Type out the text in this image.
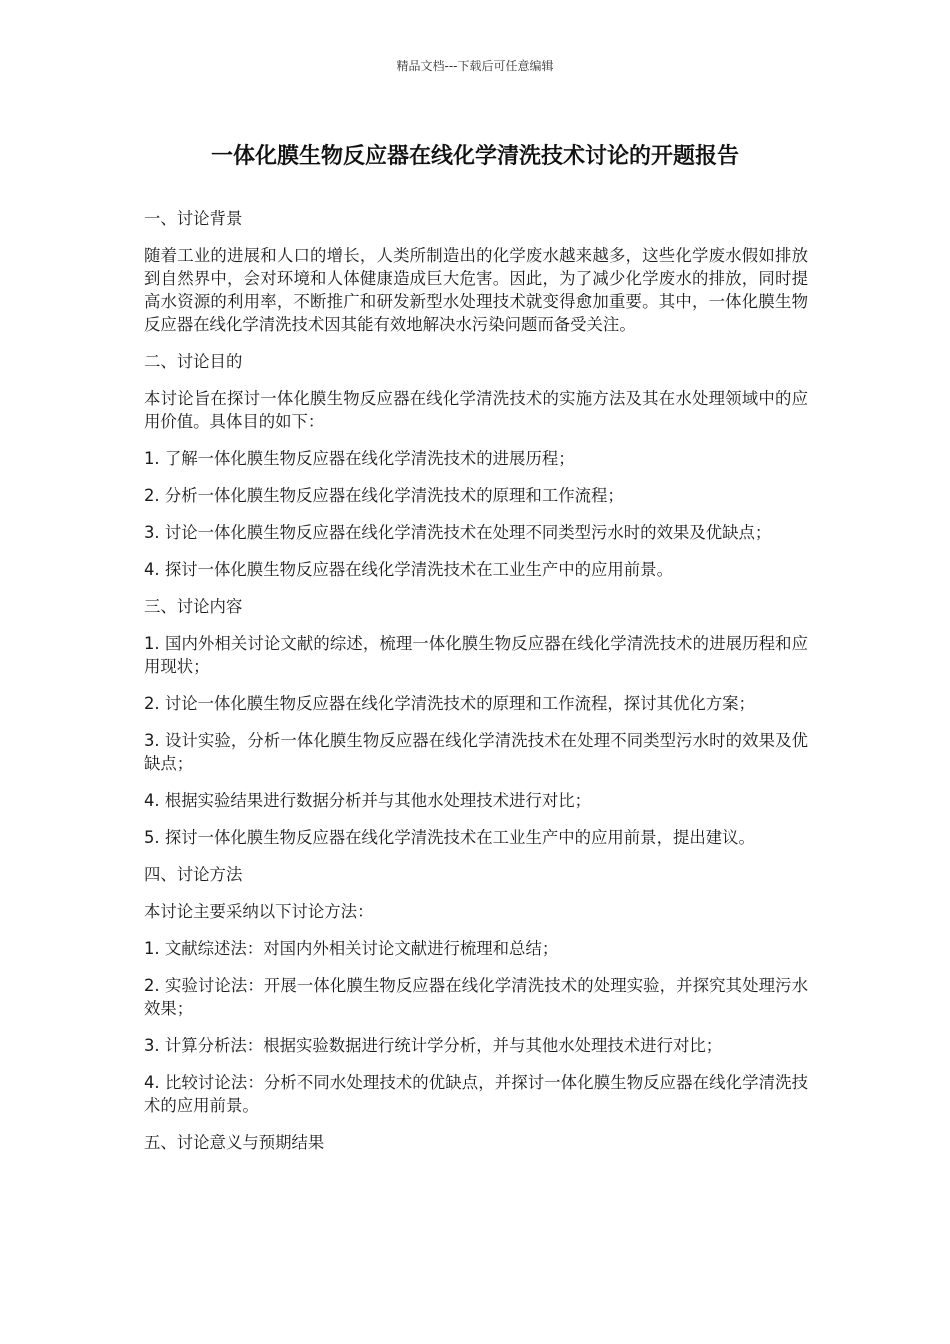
精品文档---下载后可任意编辑
一体化膜生物反应器在线化学清洗技术讨论的开题报告

一、讨论背景

随着工业的进展和人口的增长，人类所制造出的化学废水越来越多，这些化学废水假如排放到自然界中，会对环境和人体健康造成巨大危害。因此，为了减少化学废水的排放，同时提高水资源的利用率，不断推广和研发新型水处理技术就变得愈加重要。其中，一体化膜生物反应器在线化学清洗技术因其能有效地解决水污染问题而备受关注。

二、讨论目的

本讨论旨在探讨一体化膜生物反应器在线化学清洗技术的实施方法及其在水处理领域中的应用价值。具体目的如下：

1. 了解一体化膜生物反应器在线化学清洗技术的进展历程；

2. 分析一体化膜生物反应器在线化学清洗技术的原理和工作流程；

3. 讨论一体化膜生物反应器在线化学清洗技术在处理不同类型污水时的效果及优缺点；

4. 探讨一体化膜生物反应器在线化学清洗技术在工业生产中的应用前景。

三、讨论内容

1. 国内外相关讨论文献的综述，梳理一体化膜生物反应器在线化学清洗技术的进展历程和应用现状；

2. 讨论一体化膜生物反应器在线化学清洗技术的原理和工作流程，探讨其优化方案；

3. 设计实验，分析一体化膜生物反应器在线化学清洗技术在处理不同类型污水时的效果及优缺点；

4. 根据实验结果进行数据分析并与其他水处理技术进行对比；

5. 探讨一体化膜生物反应器在线化学清洗技术在工业生产中的应用前景，提出建议。

四、讨论方法

本讨论主要采纳以下讨论方法：

1. 文献综述法：对国内外相关讨论文献进行梳理和总结；

2. 实验讨论法：开展一体化膜生物反应器在线化学清洗技术的处理实验，并探究其处理污水效果；

3. 计算分析法：根据实验数据进行统计学分析，并与其他水处理技术进行对比；

4. 比较讨论法：分析不同水处理技术的优缺点，并探讨一体化膜生物反应器在线化学清洗技术的应用前景。

五、讨论意义与预期结果
